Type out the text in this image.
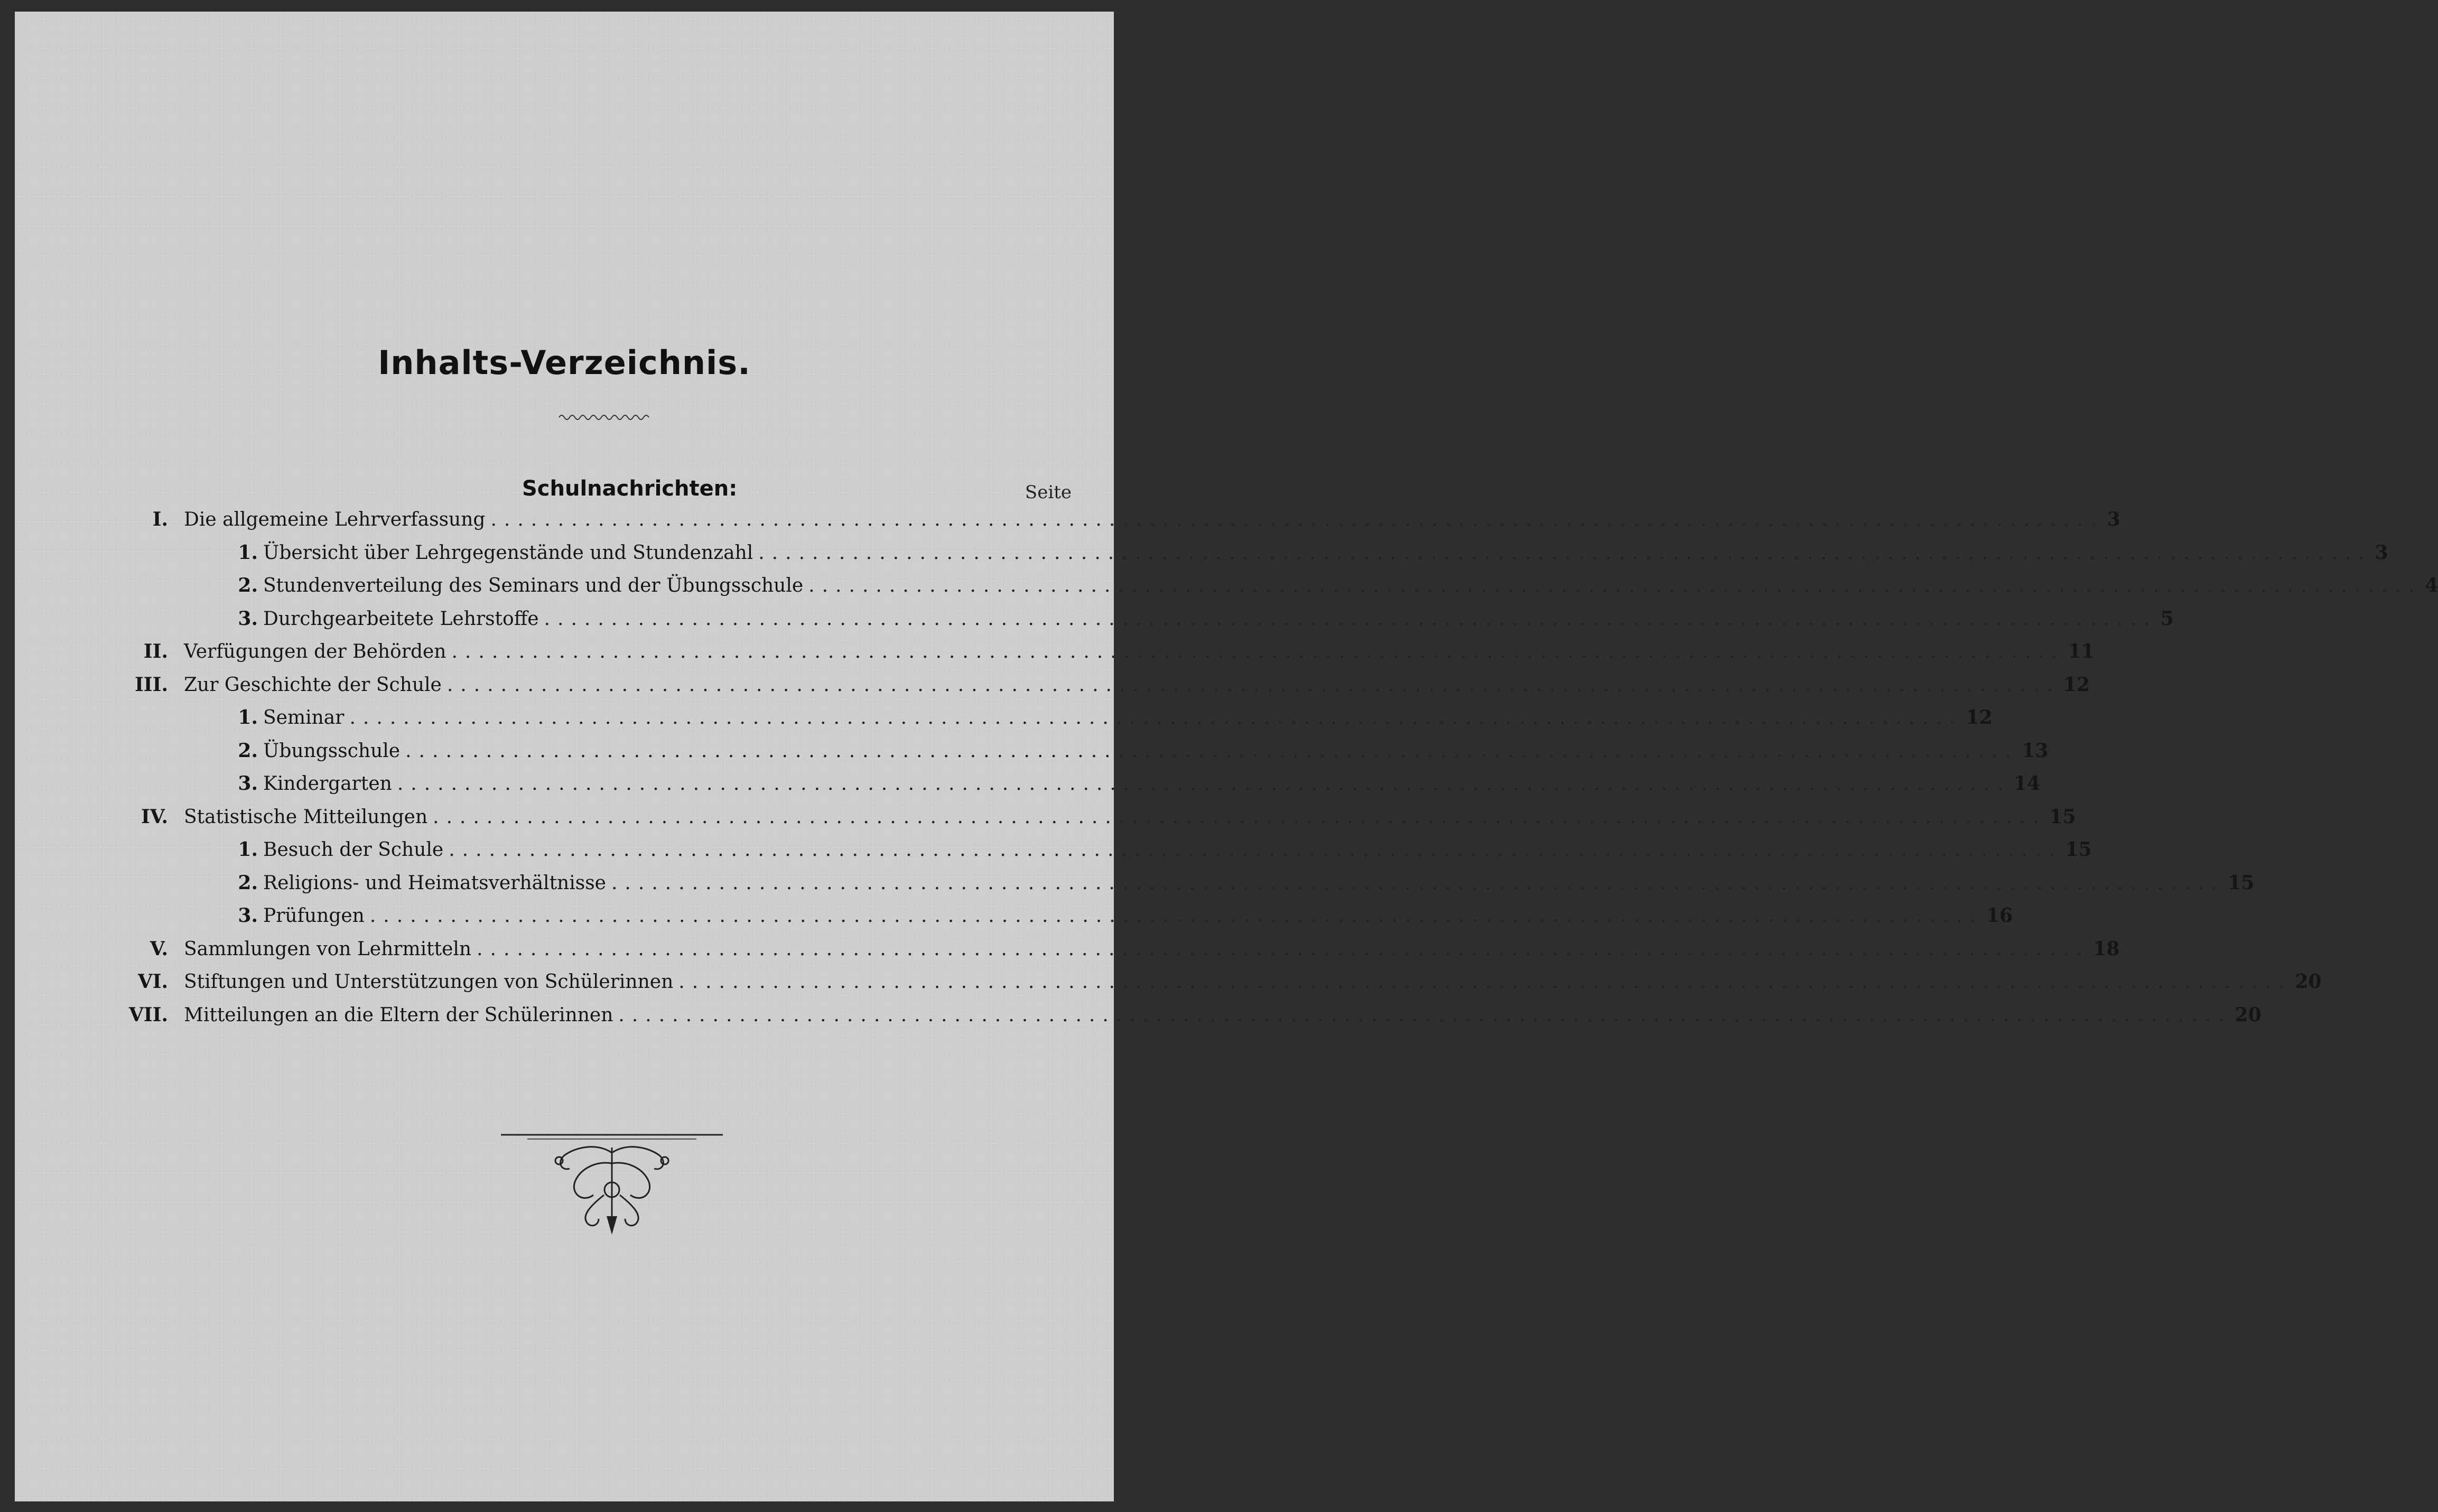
Inhalts-Verzeichnis.
Schulnachrichten:	Seite
I. Die allgemeine Lehrverfassung ........................................................................................................................ 3
1. Übersicht über Lehrgegenstände und Stundenzahl ........................................................................................................................ 3
2. Stundenverteilung des Seminars und der Übungsschule ........................................................................................................................ 4
3. Durchgearbeitete Lehrstoffe ........................................................................................................................ 5
II. Verfügungen der Behörden ........................................................................................................................ 11
III. Zur Geschichte der Schule ........................................................................................................................ 12
1. Seminar ........................................................................................................................ 12
2. Übungsschule ........................................................................................................................ 13
3. Kindergarten ........................................................................................................................ 14
IV. Statistische Mitteilungen ........................................................................................................................ 15
1. Besuch der Schule ........................................................................................................................ 15
2. Religions- und Heimatsverhältnisse ........................................................................................................................ 15
3. Prüfungen ........................................................................................................................ 16
V. Sammlungen von Lehrmitteln ........................................................................................................................ 18
VI. Stiftungen und Unterstützungen von Schülerinnen ........................................................................................................................ 20
VII. Mitteilungen an die Eltern der Schülerinnen ........................................................................................................................ 20
